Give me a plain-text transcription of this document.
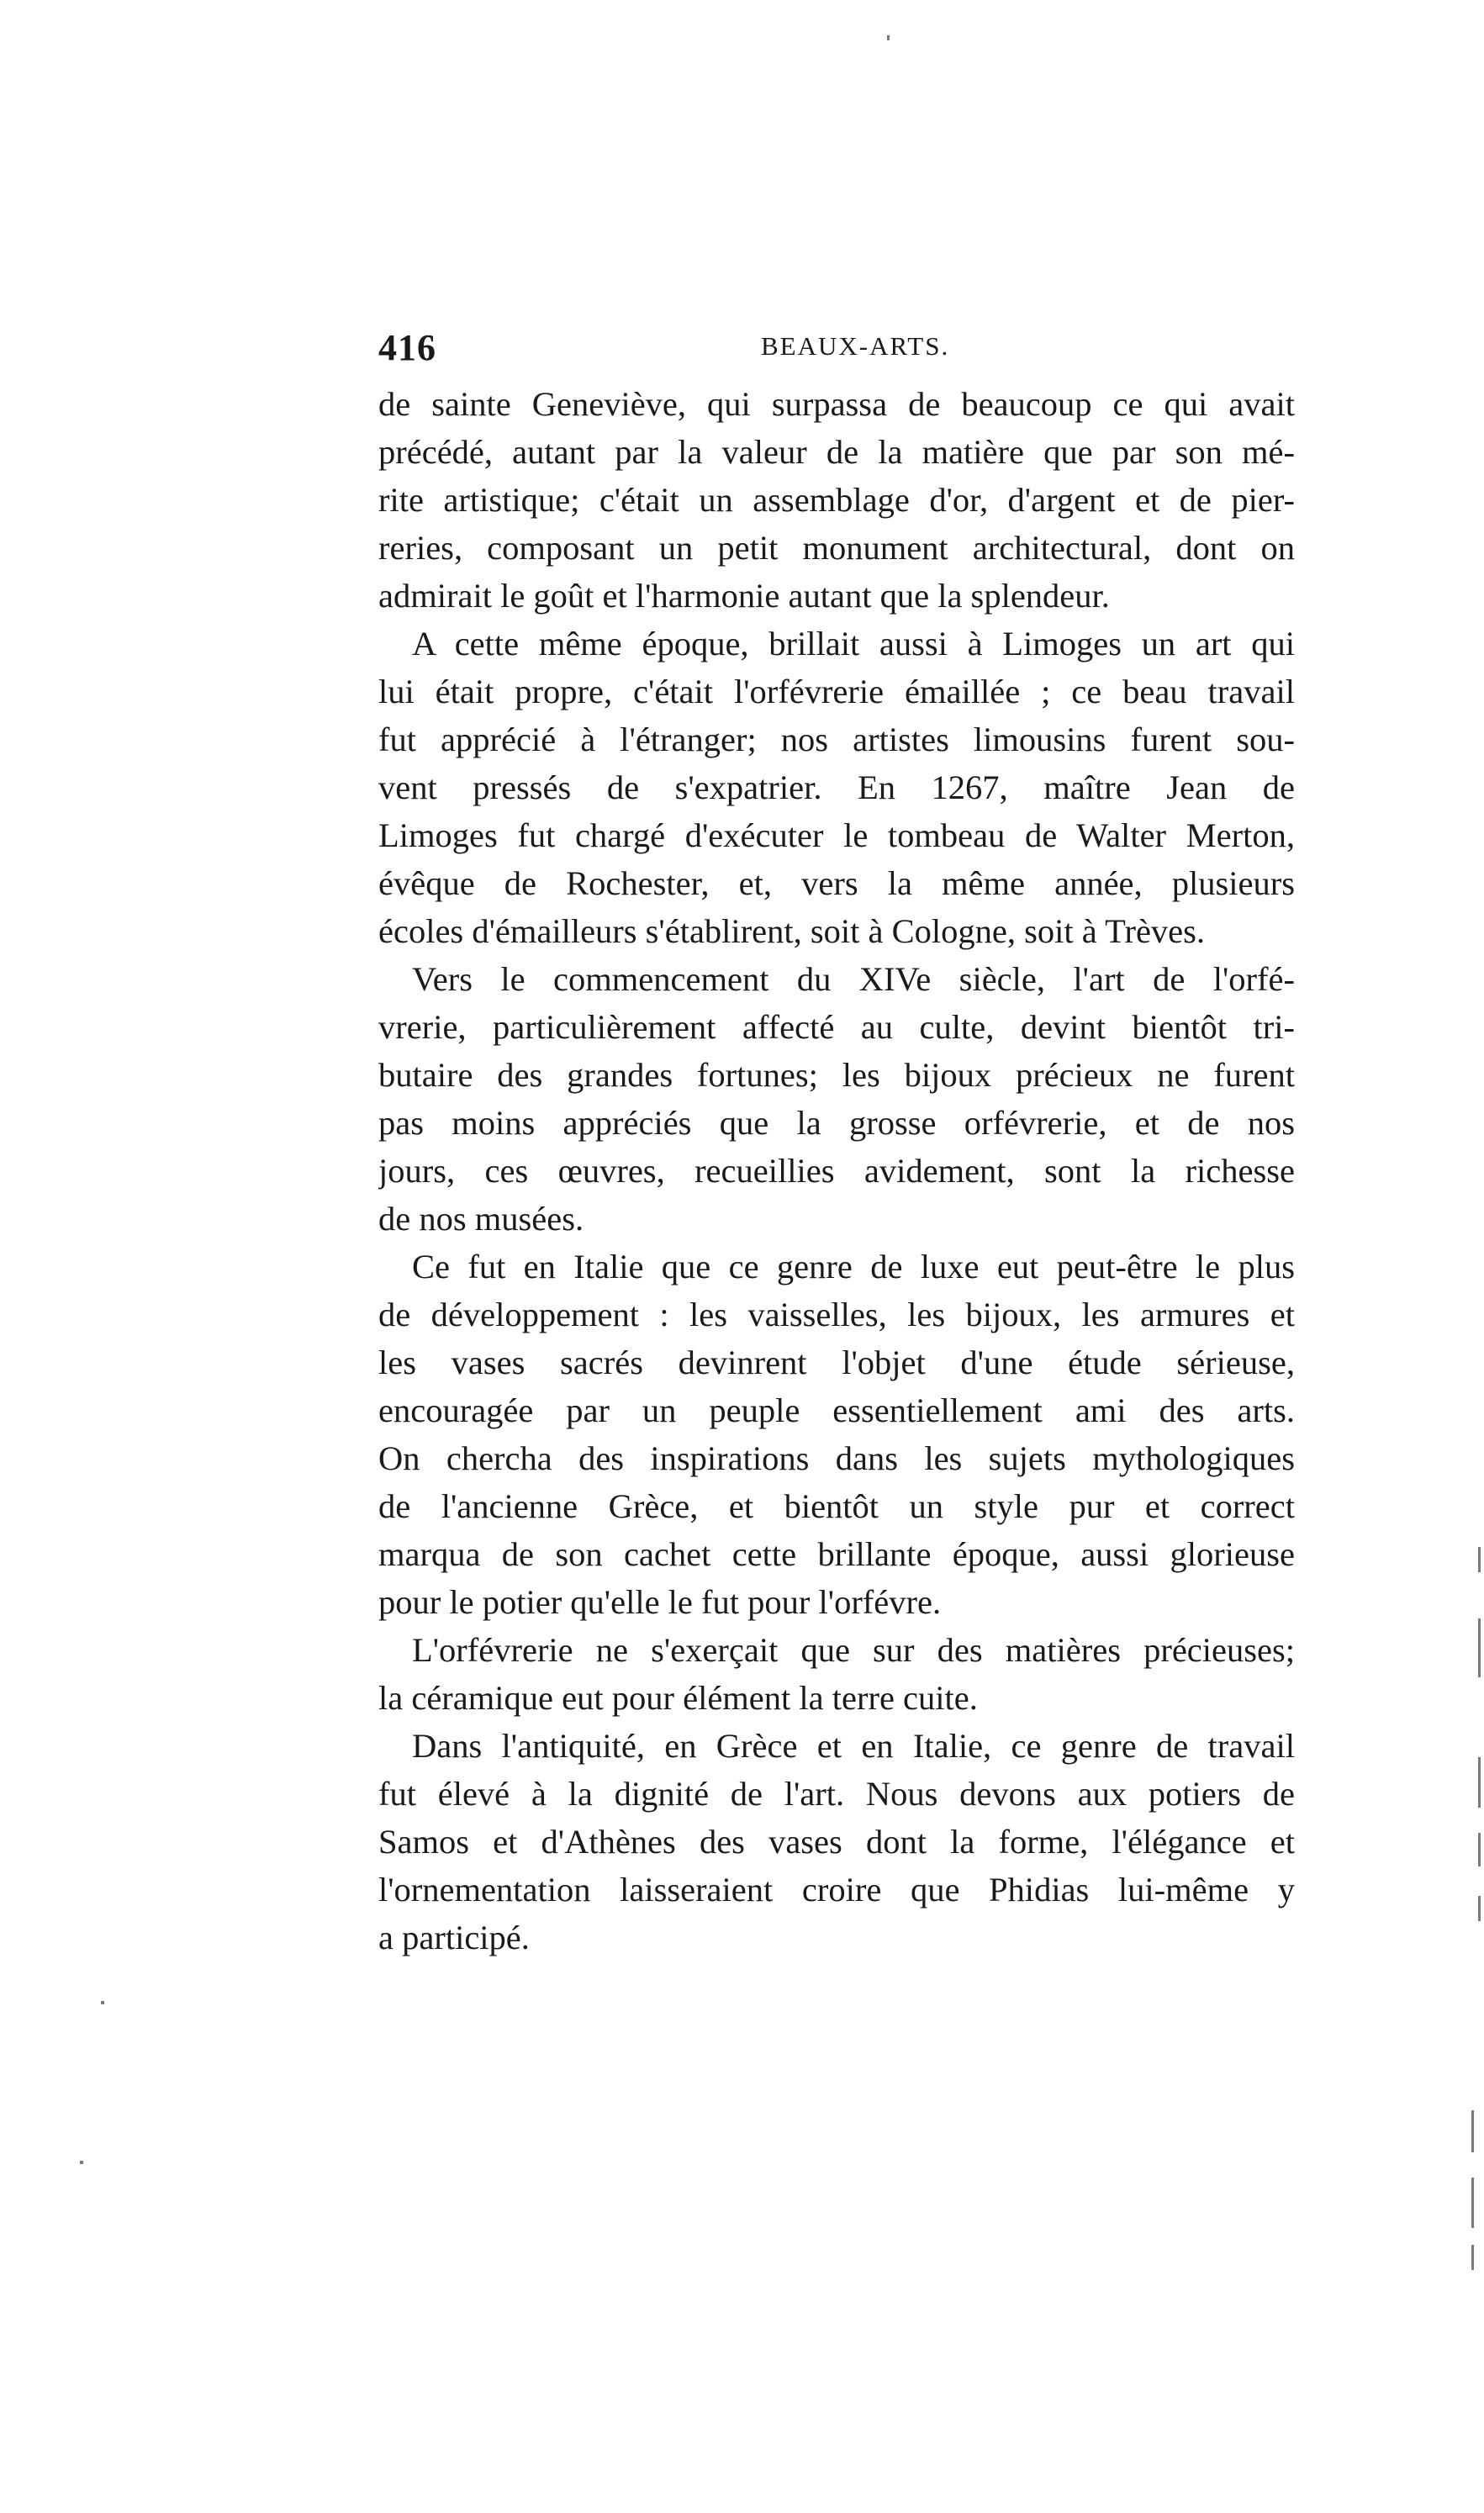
416	BEAUX-ARTS.
de sainte Geneviève, qui surpassa de beaucoup ce qui avait
précédé, autant par la valeur de la matière que par son mé-
rite artistique; c'était un assemblage d'or, d'argent et de pier-
reries, composant un petit monument architectural, dont on
admirait le goût et l'harmonie autant que la splendeur.
A cette même époque, brillait aussi à Limoges un art qui
lui était propre, c'était l'orfévrerie émaillée ; ce beau travail
fut apprécié à l'étranger; nos artistes limousins furent sou-
vent pressés de s'expatrier. En 1267, maître Jean de
Limoges fut chargé d'exécuter le tombeau de Walter Merton,
évêque de Rochester, et, vers la même année, plusieurs
écoles d'émailleurs s'établirent, soit à Cologne, soit à Trèves.
Vers le commencement du XIVe siècle, l'art de l'orfé-
vrerie, particulièrement affecté au culte, devint bientôt tri-
butaire des grandes fortunes; les bijoux précieux ne furent
pas moins appréciés que la grosse orfévrerie, et de nos
jours, ces œuvres, recueillies avidement, sont la richesse
de nos musées.
Ce fut en Italie que ce genre de luxe eut peut-être le plus
de développement : les vaisselles, les bijoux, les armures et
les vases sacrés devinrent l'objet d'une étude sérieuse,
encouragée par un peuple essentiellement ami des arts.
On chercha des inspirations dans les sujets mythologiques
de l'ancienne Grèce, et bientôt un style pur et correct
marqua de son cachet cette brillante époque, aussi glorieuse
pour le potier qu'elle le fut pour l'orfévre.
L'orfévrerie ne s'exerçait que sur des matières précieuses;
la céramique eut pour élément la terre cuite.
Dans l'antiquité, en Grèce et en Italie, ce genre de travail
fut élevé à la dignité de l'art. Nous devons aux potiers de
Samos et d'Athènes des vases dont la forme, l'élégance et
l'ornementation laisseraient croire que Phidias lui-même y
a participé.
